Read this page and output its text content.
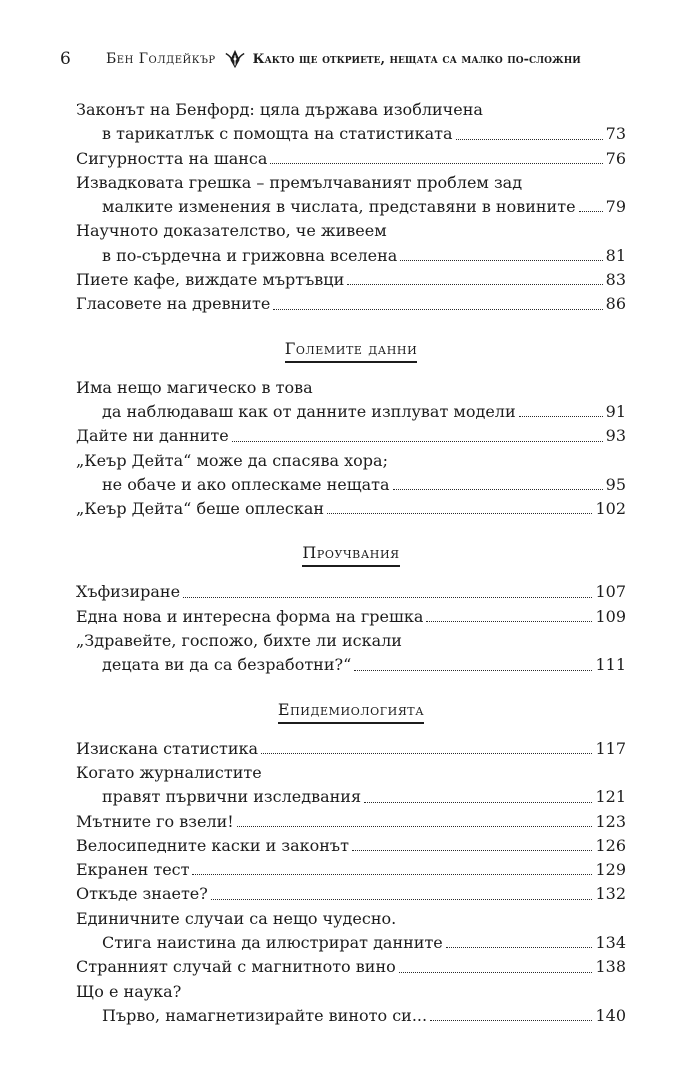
6	Бен Голдейкър	Както ще откриете, нещата са малко по-сложни
Законът на Бенфорд: цяла държава изобличена
в тарикатлък с помощта на статистиката	73
Сигурността на шанса	76
Извадковата грешка – премълчаваният проблем зад
малките изменения в числата, представяни в новините 79
Научното доказателство, че живеем
в по-сърдечна и грижовна вселена	81
Пиете кафе, виждате мъртъвци	83
Гласовете на древните	86
Големите данни
Има нещо магическо в това
да наблюдаваш как от данните изплуват модели	91
Дайте ни данните	93
„Кеър Дейта“ може да спасява хора;
не обаче и ако оплескаме нещата	95
„Кеър Дейта“ беше оплескан	102
Проучвания
Хъфизиране	107
Една нова и интересна форма на грешка	109
„Здравейте, госпожо, бихте ли искали
децата ви да са безработни?“	111
Епидемиологията
Изискана статистика	117
Когато журналистите
правят първични изследвания	121
Мътните го взели!	123
Велосипедните каски и законът	126
Екранен тест	129
Откъде знаете?	132
Единичните случаи са нещо чудесно.
Стига наистина да илюстрират данните	134
Странният случай с магнитното вино	138
Що е наука?
Първо, намагнетизирайте виното си...	140
